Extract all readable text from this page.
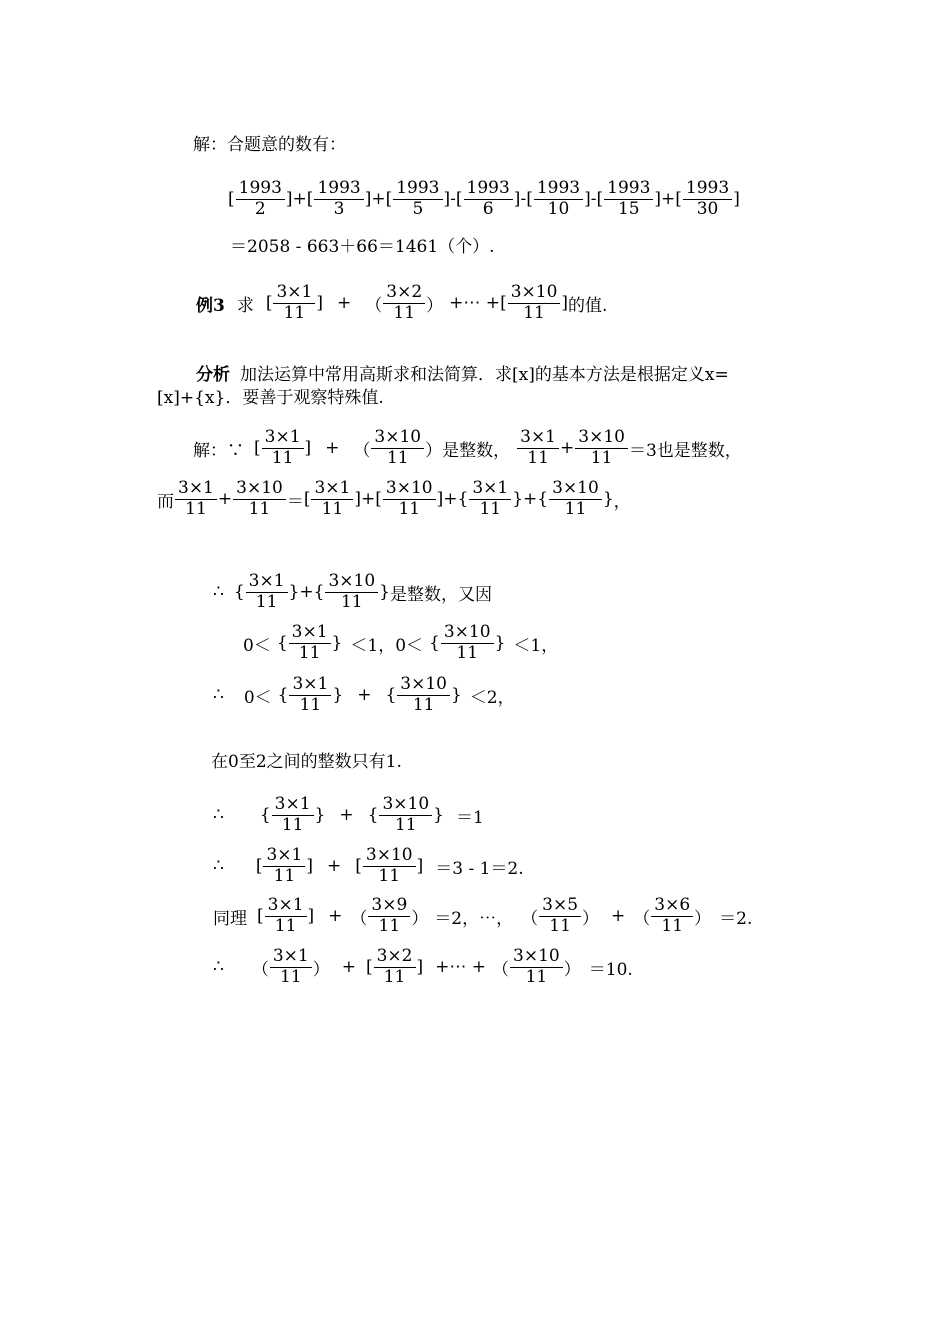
解：合题意的数有：
[ $\frac{1993}{2}$ ] + [ $\frac{1993}{3}$ ] + [ $\frac{1993}{5}$ ] - [ $\frac{1993}{6}$ ] - [ $\frac{1993}{10}$ ] - [ $\frac{1993}{15}$ ] + [ $\frac{1993}{30}$ ]
＝2058 - 663＋66＝1461（个）.
例3 求 [ $\frac{3\times 1}{11}$ ] + （ $\frac{3\times 2}{11}$ ） +⋯ + [ $\frac{3\times 10}{11}$ ] 的值.
分析 加法运算中常用高斯求和法简算．求[x]的基本方法是根据定义x=
[x]+{x}．要善于观察特殊值.
解：∵ [ $\frac{3\times 1}{11}$ ] + （ $\frac{3\times 10}{11}$ ） 是整数， $\frac{3\times 1}{11} + \frac{3\times 10}{11} =3$也是整数，
而 $\frac{3\times 1}{11} + \frac{3\times 10}{11}$ ＝ [ $\frac{3\times 1}{11}$ ] + [ $\frac{3\times 10}{11}$ ] + { $\frac{3\times 1}{11}$ } + { $\frac{3\times 10}{11}$ } ，
∴ { $\frac{3\times 1}{11}$ } + { $\frac{3\times 10}{11}$ } 是整数，又因
0＜ { $\frac{3\times 1}{11}$ } ＜1， 0＜ { $\frac{3\times 10}{11}$ } ＜1，
∴ 0＜ { $\frac{3\times 1}{11}$ } + { $\frac{3\times 10}{11}$ } ＜2，
在0至2之间的整数只有1.
∴ { $\frac{3\times 1}{11}$ } + { $\frac{3\times 10}{11}$ } ＝1
∴ [ $\frac{3\times 1}{11}$ ] + [ $\frac{3\times 10}{11}$ ] ＝3 - 1＝2.
同理 [ $\frac{3\times 1}{11}$ ] + （ $\frac{3\times 9}{11}$ ） ＝2，⋯， （ $\frac{3\times 5}{11}$ ） + （ $\frac{3\times 6}{11}$ ） ＝2.
∴ （ $\frac{3\times 1}{11}$ ） + [ $\frac{3\times 2}{11}$ ] +⋯ + （ $\frac{3\times 10}{11}$ ） ＝10.
